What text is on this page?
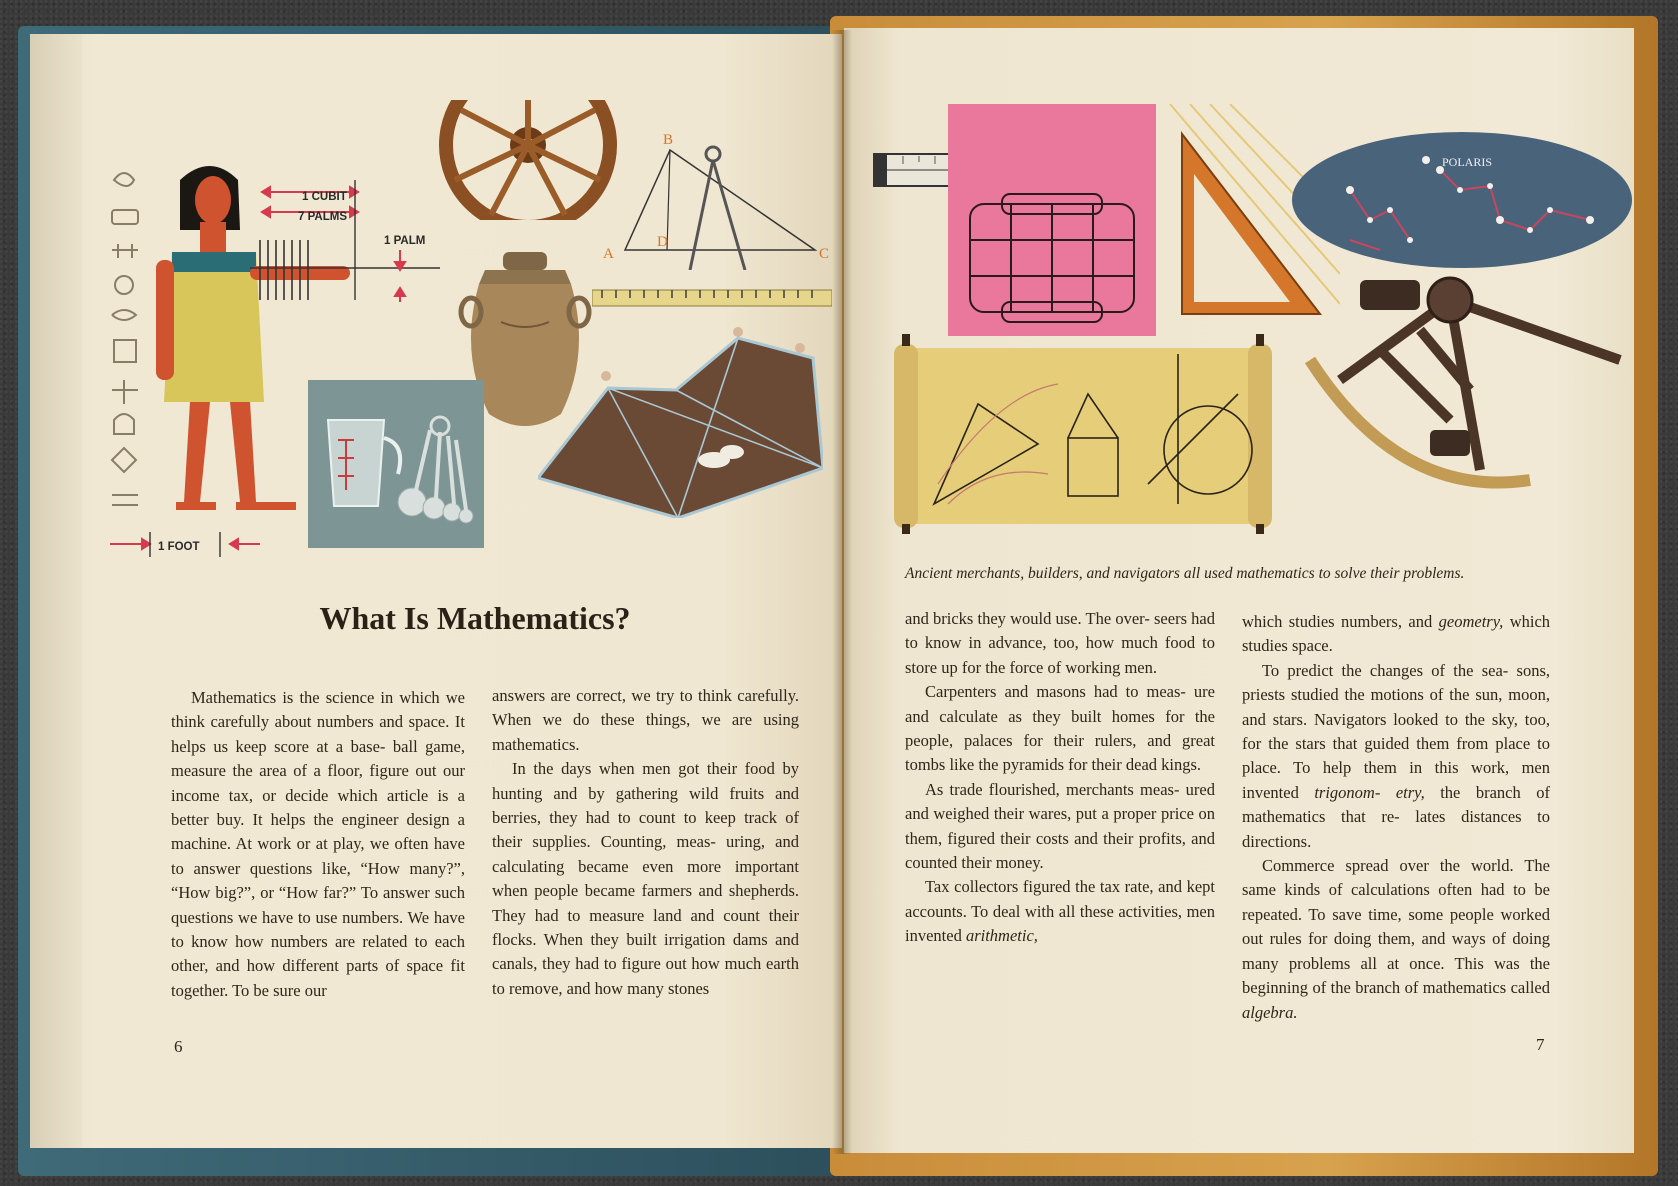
1 CUBIT
7 PALMS
1 PALM
1 FOOT
B
A
D
C
POLARIS

Ancient merchants, builders, and navigators all used mathematics to solve their problems.

What Is Mathematics?

Mathematics is the science in which we think carefully about numbers and space. It helps us keep score at a base- ball game, measure the area of a floor, figure out our income tax, or decide which article is a better buy. It helps the engineer design a machine. At work or at play, we often have to answer questions like, “How many?”, “How big?”, or “How far?” To answer such questions we have to use numbers. We have to know how numbers are related to each other, and how different parts of space fit together. To be sure our

answers are correct, we try to think carefully. When we do these things, we are using mathematics.

In the days when men got their food by hunting and by gathering wild fruits and berries, they had to count to keep track of their supplies. Counting, meas- uring, and calculating became even more important when people became farmers and shepherds. They had to measure land and count their flocks. When they built irrigation dams and canals, they had to figure out how much earth to remove, and how many stones

and bricks they would use. The over- seers had to know in advance, too, how much food to store up for the force of working men.

Carpenters and masons had to meas- ure and calculate as they built homes for the people, palaces for their rulers, and great tombs like the pyramids for their dead kings.

As trade flourished, merchants meas- ured and weighed their wares, put a proper price on them, figured their costs and their profits, and counted their money.

Tax collectors figured the tax rate, and kept accounts. To deal with all these activities, men invented arithmetic,

which studies numbers, and geometry, which studies space.

To predict the changes of the sea- sons, priests studied the motions of the sun, moon, and stars. Navigators looked to the sky, too, for the stars that guided them from place to place. To help them in this work, men invented trigonom- etry, the branch of mathematics that re- lates distances to directions.

Commerce spread over the world. The same kinds of calculations often had to be repeated. To save time, some people worked out rules for doing them, and ways of doing many problems all at once. This was the beginning of the branch of mathematics called algebra.

6	7
